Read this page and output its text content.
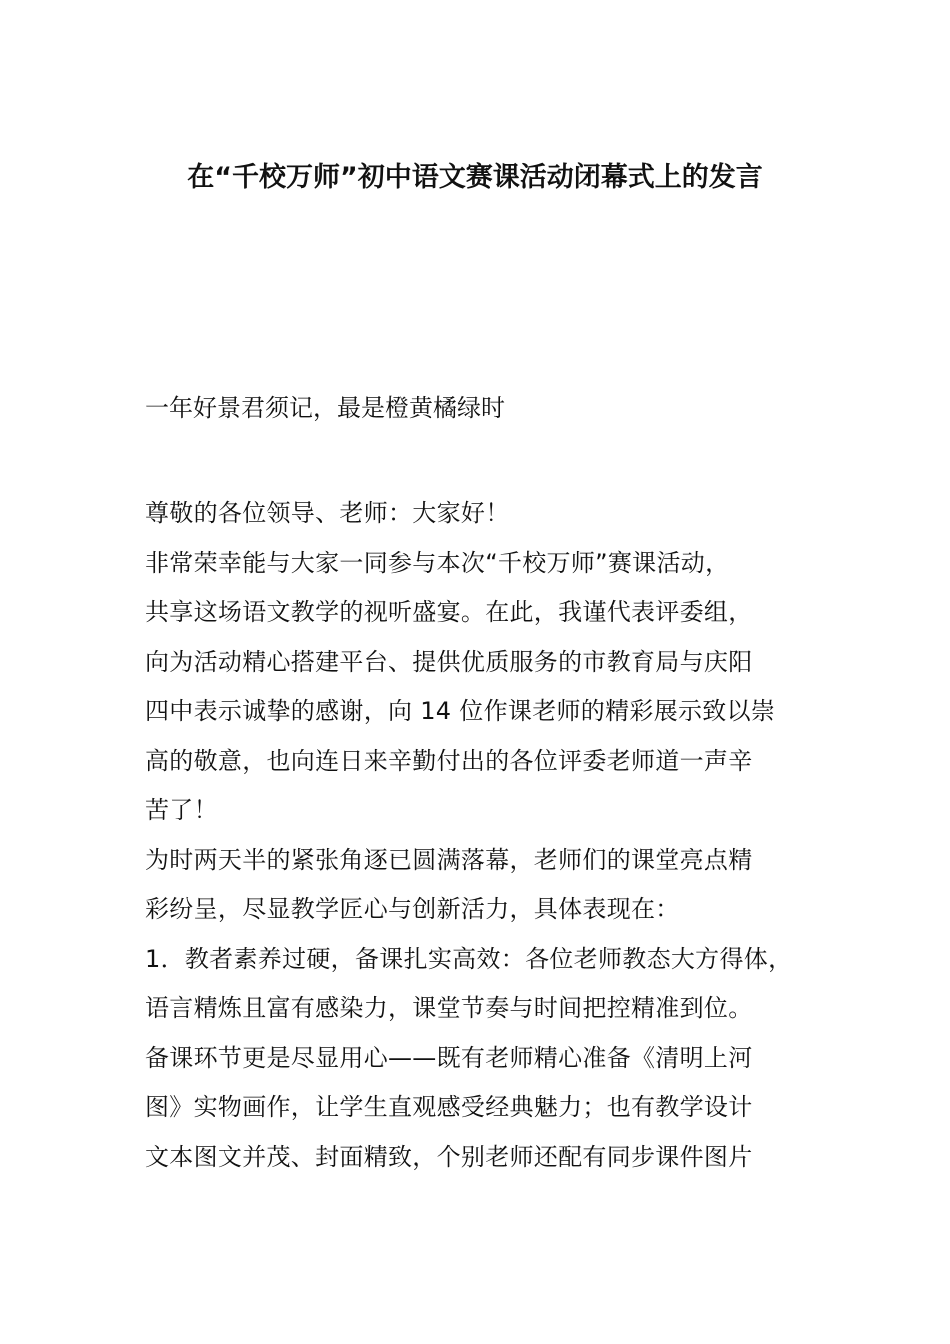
在“千校万师”初中语文赛课活动闭幕式上的发言
一年好景君须记，最是橙黄橘绿时
尊敬的各位领导、老师：大家好！
非常荣幸能与大家一同参与本次“千校万师”赛课活动，
共享这场语文教学的视听盛宴。在此，我谨代表评委组，
向为活动精心搭建平台、提供优质服务的市教育局与庆阳
四中表示诚挚的感谢，向 14 位作课老师的精彩展示致以崇
高的敬意，也向连日来辛勤付出的各位评委老师道一声辛
苦了！
为时两天半的紧张角逐已圆满落幕，老师们的课堂亮点精
彩纷呈，尽显教学匠心与创新活力，具体表现在：
1．教者素养过硬，备课扎实高效：各位老师教态大方得体，
语言精炼且富有感染力，课堂节奏与时间把控精准到位。
备课环节更是尽显用心——既有老师精心准备《清明上河
图》实物画作，让学生直观感受经典魅力；也有教学设计
文本图文并茂、封面精致，个别老师还配有同步课件图片
